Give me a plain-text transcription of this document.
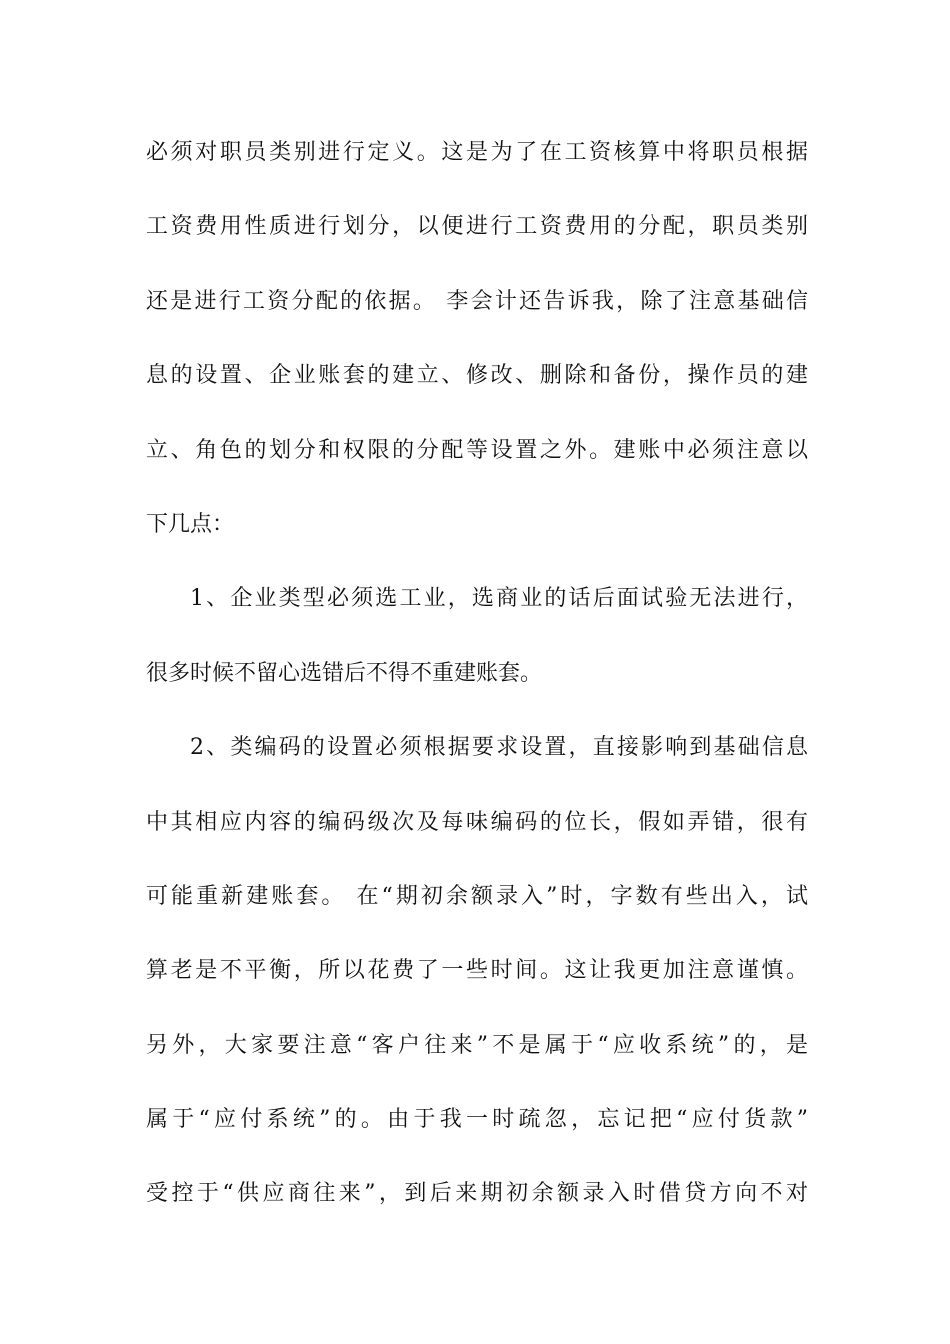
必须对职员类别进行定义。这是为了在工资核算中将职员根据
工资费用性质进行划分，以便进行工资费用的分配，职员类别
还是进行工资分配的依据。 李会计还告诉我，除了注意基础信
息的设置、企业账套的建立、修改、删除和备份，操作员的建
立、角色的划分和权限的分配等设置之外。建账中必须注意以
下几点：
1、企业类型必须选工业，选商业的话后面试验无法进行，
很多时候不留心选错后不得不重建账套。
2、类编码的设置必须根据要求设置，直接影响到基础信息
中其相应内容的编码级次及每味编码的位长，假如弄错，很有
可能重新建账套。 在“期初余额录入”时，字数有些出入，试
算老是不平衡，所以花费了一些时间。这让我更加注意谨慎。
另外，大家要注意“客户往来”不是属于“应收系统”的，是
属于“应付系统”的。由于我一时疏忽，忘记把“应付货款”
受控于“供应商往来”，到后来期初余额录入时借贷方向不对
